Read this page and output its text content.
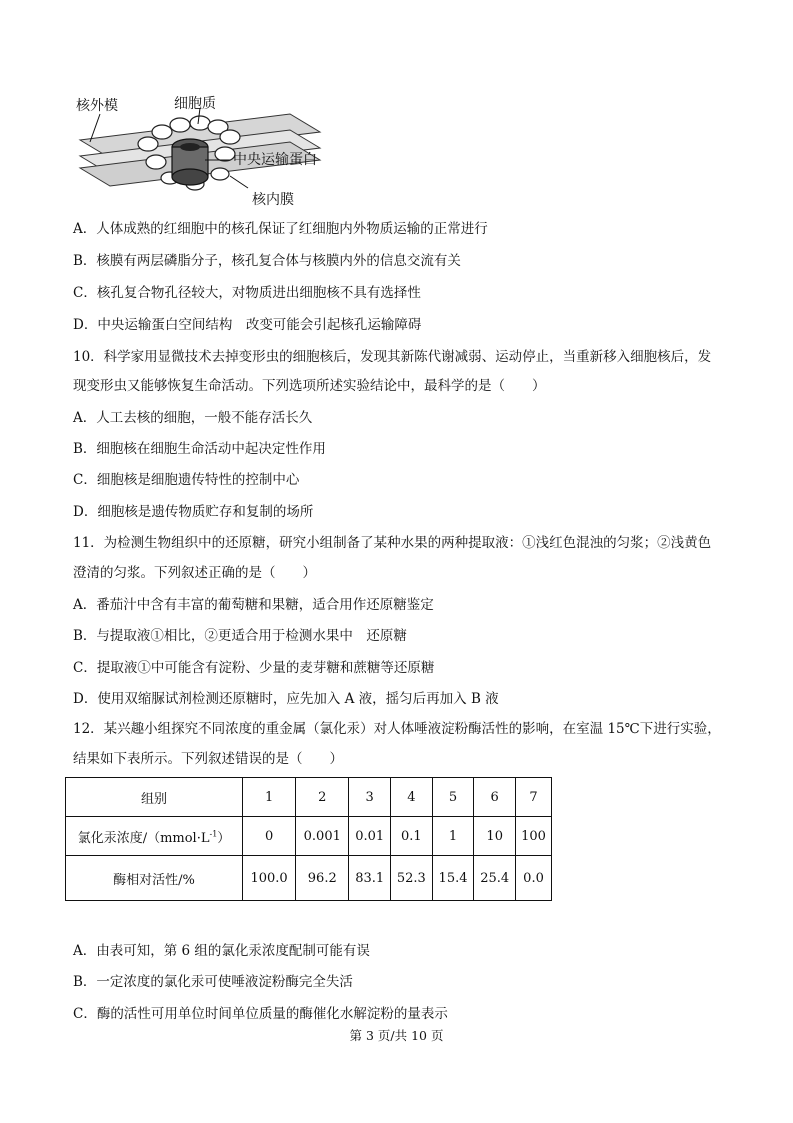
核外模	细胞质
中央运输蛋白
核内膜
A．人体成熟的红细胞中的核孔保证了红细胞内外物质运输的正常进行
B．核膜有两层磷脂分子，核孔复合体与核膜内外的信息交流有关
C．核孔复合物孔径较大，对物质进出细胞核不具有选择性
D．中央运输蛋白空间结构　改变可能会引起核孔运输障碍
10．科学家用显微技术去掉变形虫的细胞核后，发现其新陈代谢减弱、运动停止，当重新移入细胞核后，发
现变形虫又能够恢复生命活动。下列选项所述实验结论中，最科学的是（　　）
A．人工去核的细胞，一般不能存活长久
B．细胞核在细胞生命活动中起决定性作用
C．细胞核是细胞遗传特性的控制中心
D．细胞核是遗传物质贮存和复制的场所
11．为检测生物组织中的还原糖，研究小组制备了某种水果的两种提取液：①浅红色混浊的匀浆；②浅黄色
澄清的匀浆。下列叙述正确的是（　　）
A．番茄汁中含有丰富的葡萄糖和果糖，适合用作还原糖鉴定
B．与提取液①相比，②更适合用于检测水果中　还原糖
C．提取液①中可能含有淀粉、少量的麦芽糖和蔗糖等还原糖
D．使用双缩脲试剂检测还原糖时，应先加入 A 液，摇匀后再加入 B 液
12．某兴趣小组探究不同浓度的重金属（氯化汞）对人体唾液淀粉酶活性的影响，在室温 15℃下进行实验，
结果如下表所示。下列叙述错误的是（　　）
组别	1	2	3	4	5	6	7
氯化汞浓度$/(mmol\cdot L^{-1})$	0	0.001	0.01	0.1	1	10	100
酶相对活性/%	100.0	96.2	83.1	52.3	15.4	25.4	0.0
A．由表可知，第 6 组的氯化汞浓度配制可能有误
B．一定浓度的氯化汞可使唾液淀粉酶完全失活
C．酶的活性可用单位时间单位质量的酶催化水解淀粉的量表示
第 3 页/共 10 页
